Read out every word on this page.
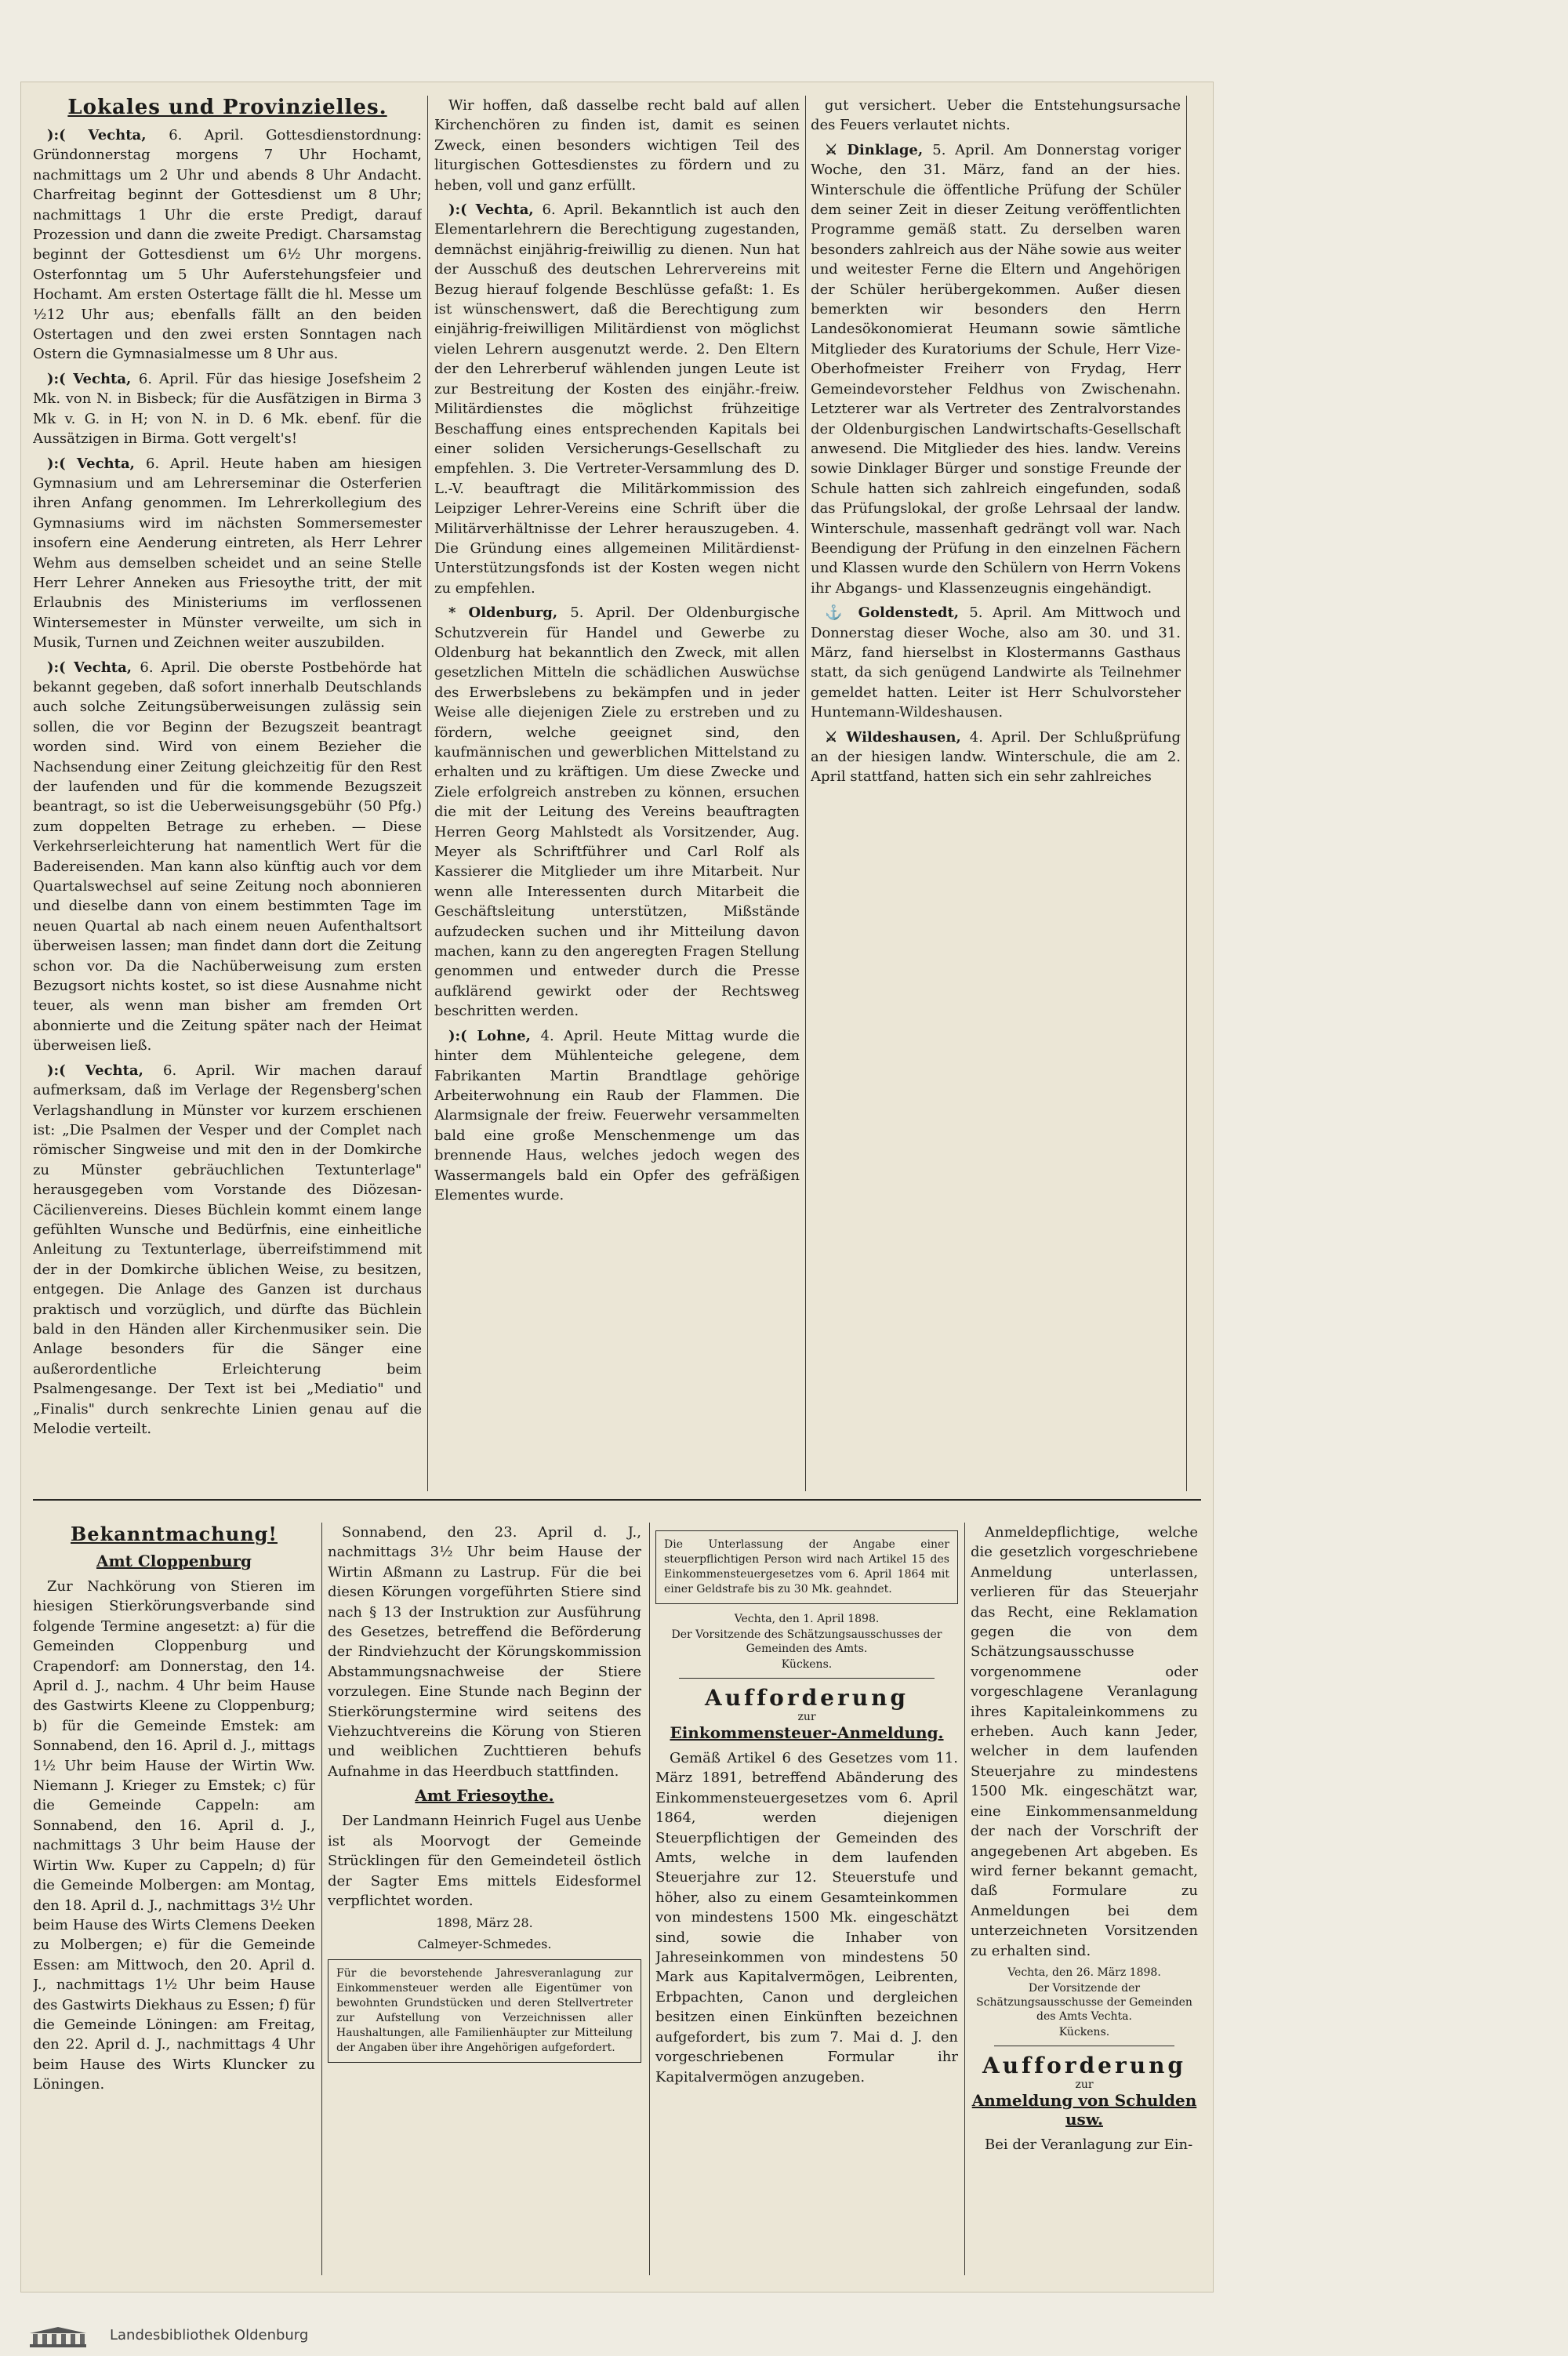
Lokales und Provinzielles.

):( Vechta, 6. April. Gottesdienstordnung: Gründonnerstag morgens 7 Uhr Hochamt, nachmittags um 2 Uhr und abends 8 Uhr Andacht. Charfreitag beginnt der Gottesdienst um 8 Uhr; nachmittags 1 Uhr die erste Predigt, darauf Prozession und dann die zweite Predigt. Charsamstag beginnt der Gottesdienst um 6½ Uhr morgens. Osterfonntag um 5 Uhr Auferstehungsfeier und Hochamt. Am ersten Ostertage fällt die hl. Messe um ½12 Uhr aus; ebenfalls fällt an den beiden Ostertagen und den zwei ersten Sonntagen nach Ostern die Gymnasialmesse um 8 Uhr aus.

):( Vechta, 6. April. Für das hiesige Josefsheim 2 Mk. von N. in Bisbeck; für die Ausfätzigen in Birma 3 Mk v. G. in H; von N. in D. 6 Mk. ebenf. für die Aussätzigen in Birma. Gott vergelt's!

):( Vechta, 6. April. Heute haben am hiesigen Gymnasium und am Lehrerseminar die Osterferien ihren Anfang genommen. Im Lehrerkollegium des Gymnasiums wird im nächsten Sommersemester insofern eine Aenderung eintreten, als Herr Lehrer Wehm aus demselben scheidet und an seine Stelle Herr Lehrer Anneken aus Friesoythe tritt, der mit Erlaubnis des Ministeriums im verflossenen Wintersemester in Münster verweilte, um sich in Musik, Turnen und Zeichnen weiter auszubilden.

):( Vechta, 6. April. Die oberste Postbehörde hat bekannt gegeben, daß sofort innerhalb Deutschlands auch solche Zeitungsüberweisungen zulässig sein sollen, die vor Beginn der Bezugszeit beantragt worden sind. Wird von einem Bezieher die Nachsendung einer Zeitung gleichzeitig für den Rest der laufenden und für die kommende Bezugszeit beantragt, so ist die Ueberweisungsgebühr (50 Pfg.) zum doppelten Betrage zu erheben. — Diese Verkehrserleichterung hat namentlich Wert für die Badereisenden. Man kann also künftig auch vor dem Quartalswechsel auf seine Zeitung noch abonnieren und dieselbe dann von einem bestimmten Tage im neuen Quartal ab nach einem neuen Aufenthaltsort überweisen lassen; man findet dann dort die Zeitung schon vor. Da die Nachüberweisung zum ersten Bezugsort nichts kostet, so ist diese Ausnahme nicht teuer, als wenn man bisher am fremden Ort abonnierte und die Zeitung später nach der Heimat überweisen ließ.

):( Vechta, 6. April. Wir machen darauf aufmerksam, daß im Verlage der Regensberg'schen Verlagshandlung in Münster vor kurzem erschienen ist: „Die Psalmen der Vesper und der Complet nach römischer Singweise und mit den in der Domkirche zu Münster gebräuchlichen Textunterlage" herausgegeben vom Vorstande des Diözesan-Cäcilienvereins. Dieses Büchlein kommt einem lange gefühlten Wunsche und Bedürfnis, eine einheitliche Anleitung zu Textunterlage, überreifstimmend mit der in der Domkirche üblichen Weise, zu besitzen, entgegen. Die Anlage des Ganzen ist durchaus praktisch und vorzüglich, und dürfte das Büchlein bald in den Händen aller Kirchenmusiker sein. Die Anlage besonders für die Sänger eine außerordentliche Erleichterung beim Psalmengesange. Der Text ist bei „Mediatio" und „Finalis" durch senkrechte Linien genau auf die Melodie verteilt.

Wir hoffen, daß dasselbe recht bald auf allen Kirchenchören zu finden ist, damit es seinen Zweck, einen besonders wichtigen Teil des liturgischen Gottesdienstes zu fördern und zu heben, voll und ganz erfüllt.

):( Vechta, 6. April. Bekanntlich ist auch den Elementarlehrern die Berechtigung zugestanden, demnächst einjährig-freiwillig zu dienen. Nun hat der Ausschuß des deutschen Lehrervereins mit Bezug hierauf folgende Beschlüsse gefaßt: 1. Es ist wünschenswert, daß die Berechtigung zum einjährig-freiwilligen Militärdienst von möglichst vielen Lehrern ausgenutzt werde. 2. Den Eltern der den Lehrerberuf wählenden jungen Leute ist zur Bestreitung der Kosten des einjähr.-freiw. Militärdienstes die möglichst frühzeitige Beschaffung eines entsprechenden Kapitals bei einer soliden Versicherungs-Gesellschaft zu empfehlen. 3. Die Vertreter-Versammlung des D. L.-V. beauftragt die Militärkommission des Leipziger Lehrer-Vereins eine Schrift über die Militärverhältnisse der Lehrer herauszugeben. 4. Die Gründung eines allgemeinen Militärdienst-Unterstützungsfonds ist der Kosten wegen nicht zu empfehlen.

* Oldenburg, 5. April. Der Oldenburgische Schutzverein für Handel und Gewerbe zu Oldenburg hat bekanntlich den Zweck, mit allen gesetzlichen Mitteln die schädlichen Auswüchse des Erwerbslebens zu bekämpfen und in jeder Weise alle diejenigen Ziele zu erstreben und zu fördern, welche geeignet sind, den kaufmännischen und gewerblichen Mittelstand zu erhalten und zu kräftigen. Um diese Zwecke und Ziele erfolgreich anstreben zu können, ersuchen die mit der Leitung des Vereins beauftragten Herren Georg Mahlstedt als Vorsitzender, Aug. Meyer als Schriftführer und Carl Rolf als Kassierer die Mitglieder um ihre Mitarbeit. Nur wenn alle Interessenten durch Mitarbeit die Geschäftsleitung unterstützen, Mißstände aufzudecken suchen und ihr Mitteilung davon machen, kann zu den angeregten Fragen Stellung genommen und entweder durch die Presse aufklärend gewirkt oder der Rechtsweg beschritten werden.

):( Lohne, 4. April. Heute Mittag wurde die hinter dem Mühlenteiche gelegene, dem Fabrikanten Martin Brandtlage gehörige Arbeiterwohnung ein Raub der Flammen. Die Alarmsignale der freiw. Feuerwehr versammelten bald eine große Menschenmenge um das brennende Haus, welches jedoch wegen des Wassermangels bald ein Opfer des gefräßigen Elementes wurde.

gut versichert. Ueber die Entstehungsursache des Feuers verlautet nichts.

⚔ Dinklage, 5. April. Am Donnerstag voriger Woche, den 31. März, fand an der hies. Winterschule die öffentliche Prüfung der Schüler dem seiner Zeit in dieser Zeitung veröffentlichten Programme gemäß statt. Zu derselben waren besonders zahlreich aus der Nähe sowie aus weiter und weitester Ferne die Eltern und Angehörigen der Schüler herübergekommen. Außer diesen bemerkten wir besonders den Herrn Landesökonomierat Heumann sowie sämtliche Mitglieder des Kuratoriums der Schule, Herr Vize-Oberhofmeister Freiherr von Frydag, Herr Gemeindevorsteher Feldhus von Zwischenahn. Letzterer war als Vertreter des Zentralvorstandes der Oldenburgischen Landwirtschafts-Gesellschaft anwesend. Die Mitglieder des hies. landw. Vereins sowie Dinklager Bürger und sonstige Freunde der Schule hatten sich zahlreich eingefunden, sodaß das Prüfungslokal, der große Lehrsaal der landw. Winterschule, massenhaft gedrängt voll war. Nach Beendigung der Prüfung in den einzelnen Fächern und Klassen wurde den Schülern von Herrn Vokens ihr Abgangs- und Klassenzeugnis eingehändigt.

⚓ Goldenstedt, 5. April. Am Mittwoch und Donnerstag dieser Woche, also am 30. und 31. März, fand hierselbst in Klostermanns Gasthaus statt, da sich genügend Landwirte als Teilnehmer gemeldet hatten. Leiter ist Herr Schulvorsteher Huntemann-Wildeshausen.

⚔ Wildeshausen, 4. April. Der Schlußprüfung an der hiesigen landw. Winterschule, die am 2. April stattfand, hatten sich ein sehr zahlreiches

Bekanntmachung!

Amt Cloppenburg

Zur Nachkörung von Stieren im hiesigen Stierkörungsverbande sind folgende Termine angesetzt: a) für die Gemeinden Cloppenburg und Crapendorf: am Donnerstag, den 14. April d. J., nachm. 4 Uhr beim Hause des Gastwirts Kleene zu Cloppenburg; b) für die Gemeinde Emstek: am Sonnabend, den 16. April d. J., mittags 1½ Uhr beim Hause der Wirtin Ww. Niemann J. Krieger zu Emstek; c) für die Gemeinde Cappeln: am Sonnabend, den 16. April d. J., nachmittags 3 Uhr beim Hause der Wirtin Ww. Kuper zu Cappeln; d) für die Gemeinde Molbergen: am Montag, den 18. April d. J., nachmittags 3½ Uhr beim Hause des Wirts Clemens Deeken zu Molbergen; e) für die Gemeinde Essen: am Mittwoch, den 20. April d. J., nachmittags 1½ Uhr beim Hause des Gastwirts Diekhaus zu Essen; f) für die Gemeinde Löningen: am Freitag, den 22. April d. J., nachmittags 4 Uhr beim Hause des Wirts Kluncker zu Löningen.

Sonnabend, den 23. April d. J., nachmittags 3½ Uhr beim Hause der Wirtin Aßmann zu Lastrup. Für die bei diesen Körungen vorgeführten Stiere sind nach § 13 der Instruktion zur Ausführung des Gesetzes, betreffend die Beförderung der Rindviehzucht der Körungskommission Abstammungsnachweise der Stiere vorzulegen. Eine Stunde nach Beginn der Stierkörungstermine wird seitens des Viehzuchtvereins die Körung von Stieren und weiblichen Zuchttieren behufs Aufnahme in das Heerdbuch stattfinden.

Amt Friesoythe.

Der Landmann Heinrich Fugel aus Uenbe ist als Moorvogt der Gemeinde Strücklingen für den Gemeindeteil östlich der Sagter Ems mittels Eidesformel verpflichtet worden.

1898, März 28.

Calmeyer-Schmedes.

Für die bevorstehende Jahresveranlagung zur Einkommensteuer werden alle Eigentümer von bewohnten Grundstücken und deren Stellvertreter zur Aufstellung von Verzeichnissen aller Haushaltungen, alle Familienhäupter zur Mitteilung der Angaben über ihre Angehörigen aufgefordert.
Die Unterlassung der Angabe einer steuerpflichtigen Person wird nach Artikel 15 des Einkommensteuergesetzes vom 6. April 1864 mit einer Geldstrafe bis zu 30 Mk. geahndet.

Vechta, den 1. April 1898.

Der Vorsitzende des Schätzungsausschusses der Gemeinden des Amts.

Kückens.

Aufforderung

zur

Einkommensteuer-Anmeldung.

Gemäß Artikel 6 des Gesetzes vom 11. März 1891, betreffend Abänderung des Einkommensteuergesetzes vom 6. April 1864, werden diejenigen Steuerpflichtigen der Gemeinden des Amts, welche in dem laufenden Steuerjahre zur 12. Steuerstufe und höher, also zu einem Gesamteinkommen von mindestens 1500 Mk. eingeschätzt sind, sowie die Inhaber von Jahreseinkommen von mindestens 50 Mark aus Kapitalvermögen, Leibrenten, Erbpachten, Canon und dergleichen besitzen einen Einkünften bezeichnen aufgefordert, bis zum 7. Mai d. J. den vorgeschriebenen Formular ihr Kapitalvermögen anzugeben.

Anmeldepflichtige, welche die gesetzlich vorgeschriebene Anmeldung unterlassen, verlieren für das Steuerjahr das Recht, eine Reklamation gegen die von dem Schätzungsausschusse vorgenommene oder vorgeschlagene Veranlagung ihres Kapitaleinkommens zu erheben. Auch kann Jeder, welcher in dem laufenden Steuerjahre zu mindestens 1500 Mk. eingeschätzt war, eine Einkommensanmeldung der nach der Vorschrift der angegebenen Art abgeben. Es wird ferner bekannt gemacht, daß Formulare zu Anmeldungen bei dem unterzeichneten Vorsitzenden zu erhalten sind.

Vechta, den 26. März 1898.

Der Vorsitzende der Schätzungsausschusse der Gemeinden des Amts Vechta.

Kückens.

Aufforderung

zur

Anmeldung von Schulden usw.

Bei der Veranlagung zur Ein-

Landesbibliothek Oldenburg
